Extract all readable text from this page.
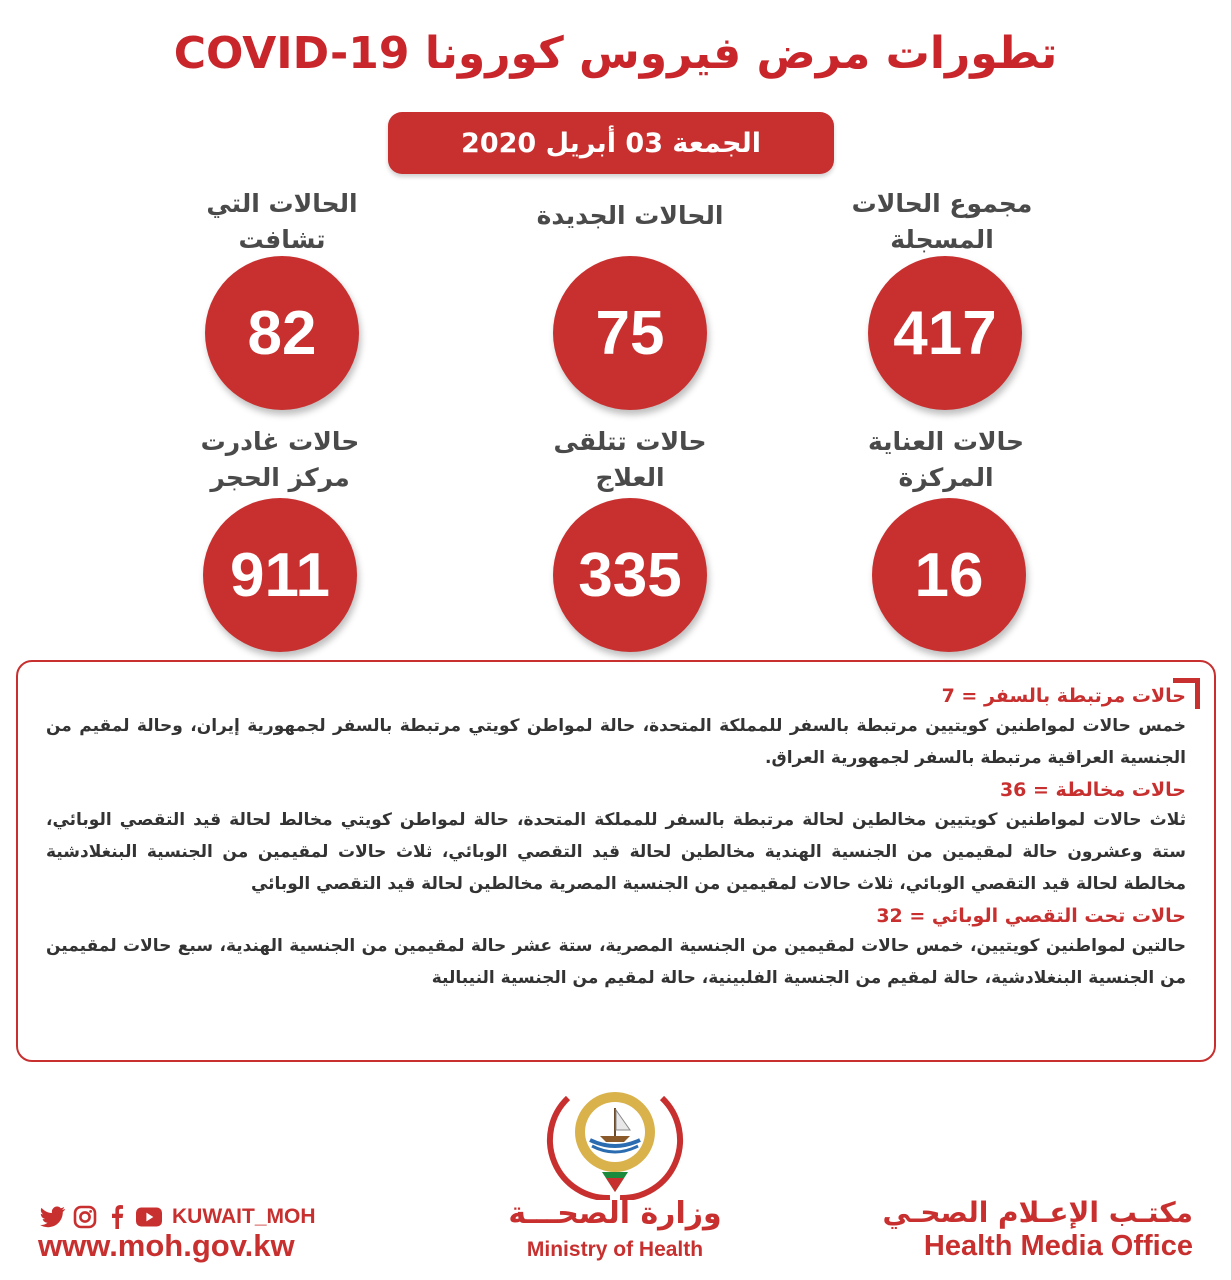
تطورات مرض فيروس كورونا COVID-19
الجمعة 03 أبريل 2020
مجموع الحالات
المسجلة
417
الحالات الجديدة
75
الحالات التي
تشافت
82
حالات العناية
المركزة
16
حالات تتلقى
العلاج
335
حالات غادرت
مركز الحجر
911
حالات مرتبطة بالسفر = 7
خمس حالات لمواطنين كويتيين مرتبطة بالسفر للمملكة المتحدة، حالة لمواطن كويتي مرتبطة بالسفر لجمهورية إيران، وحالة لمقيم من الجنسية العراقية مرتبطة بالسفر لجمهورية العراق.
حالات مخالطة = 36
ثلاث حالات لمواطنين كويتيين مخالطين لحالة مرتبطة بالسفر للمملكة المتحدة، حالة لمواطن كويتي مخالط لحالة قيد التقصي الوبائي، ستة وعشرون حالة لمقيمين من الجنسية الهندية مخالطين لحالة قيد التقصي الوبائي، ثلاث حالات لمقيمين من الجنسية البنغلادشية مخالطة لحالة قيد التقصي الوبائي، ثلاث حالات لمقيمين من الجنسية المصرية مخالطين لحالة قيد التقصي الوبائي
حالات تحت التقصي الوبائي = 32
حالتين لمواطنين كويتيين، خمس حالات لمقيمين من الجنسية المصرية، ستة عشر حالة لمقيمين من الجنسية الهندية، سبع حالات لمقيمين من الجنسية البنغلادشية، حالة لمقيم من الجنسية الفلبينية، حالة لمقيم من الجنسية النيبالية
وزارة الصحـــة
Ministry of Health
KUWAIT_MOH
www.moh.gov.kw
مكتـب الإعـلام الصحـي
Health Media Office
